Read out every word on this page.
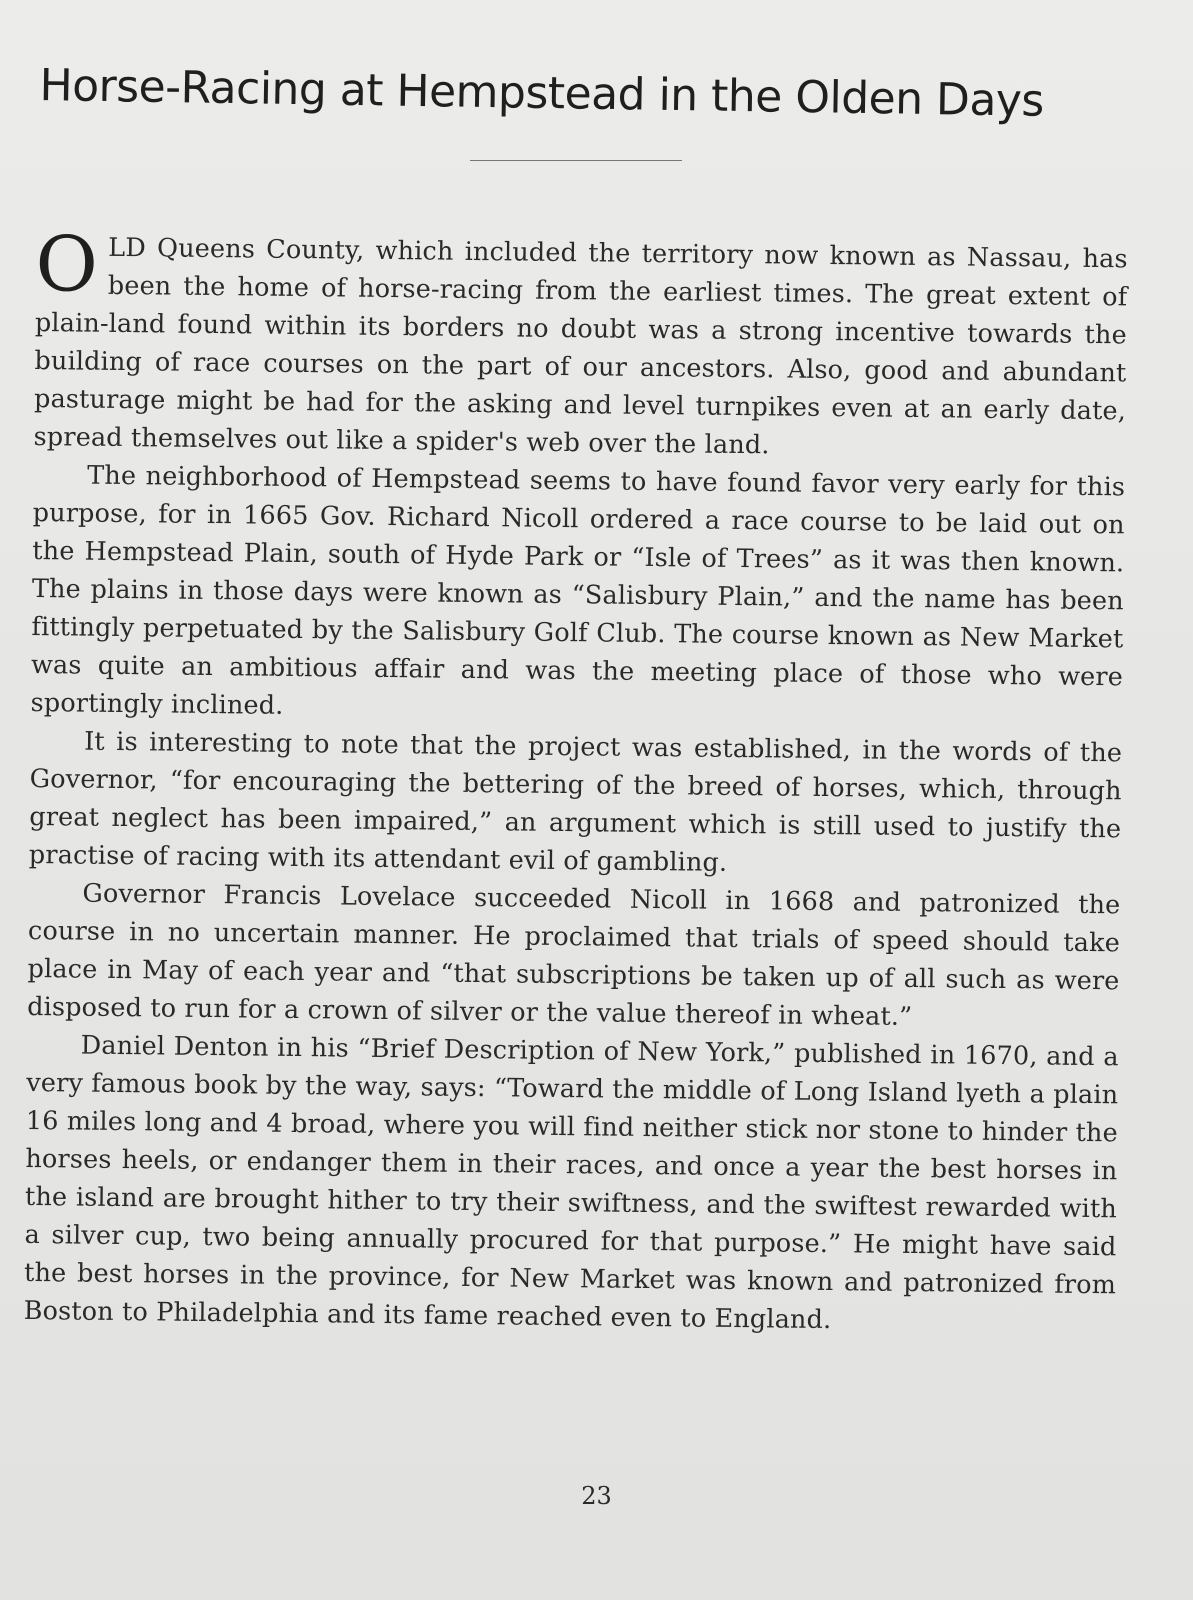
Horse-Racing at Hempstead in the Olden Days

OLD Queens County, which included the territory now known as Nassau, has been the home of horse-racing from the earliest times. The great extent of plain-land found within its borders no doubt was a strong incentive towards the building of race courses on the part of our ancestors. Also, good and abundant pasturage might be had for the asking and level turnpikes even at an early date, spread themselves out like a spider's web over the land.

The neighborhood of Hempstead seems to have found favor very early for this purpose, for in 1665 Gov. Richard Nicoll ordered a race course to be laid out on the Hempstead Plain, south of Hyde Park or “Isle of Trees” as it was then known. The plains in those days were known as “Salisbury Plain,” and the name has been fittingly perpetuated by the Salisbury Golf Club. The course known as New Market was quite an ambitious affair and was the meeting place of those who were sportingly inclined.

It is interesting to note that the project was established, in the words of the Governor, “for encouraging the bettering of the breed of horses, which, through great neglect has been impaired,” an argument which is still used to justify the practise of racing with its attendant evil of gambling.

Governor Francis Lovelace succeeded Nicoll in 1668 and patronized the course in no uncertain manner. He proclaimed that trials of speed should take place in May of each year and “that subscriptions be taken up of all such as were disposed to run for a crown of silver or the value thereof in wheat.”

Daniel Denton in his “Brief Description of New York,” published in 1670, and a very famous book by the way, says: “Toward the middle of Long Island lyeth a plain 16 miles long and 4 broad, where you will find neither stick nor stone to hinder the horses heels, or endanger them in their races, and once a year the best horses in the island are brought hither to try their swiftness, and the swiftest rewarded with a silver cup, two being annually procured for that purpose.” He might have said the best horses in the province, for New Market was known and patronized from Boston to Philadelphia and its fame reached even to England.

23
